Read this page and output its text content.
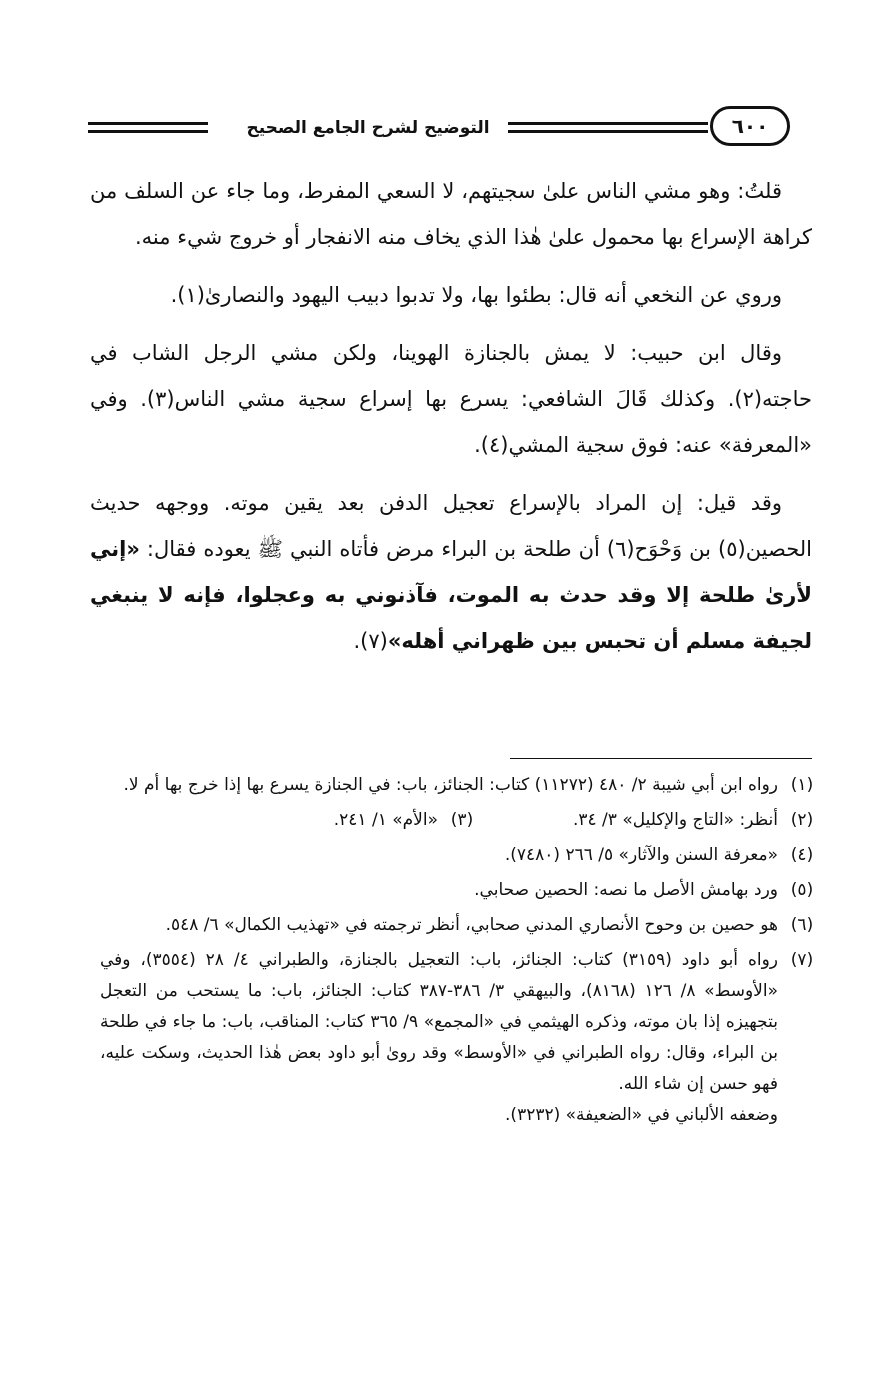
التوضيح لشرح الجامع الصحيح	٦٠٠

قلتُ: وهو مشي الناس علىٰ سجيتهم، لا السعي المفرط، وما جاء عن السلف من كراهة الإسراع بها محمول علىٰ هٰذا الذي يخاف منه الانفجار أو خروج شيء منه.

وروي عن النخعي أنه قال: بطئوا بها، ولا تدبوا دبيب اليهود والنصارىٰ(١).

وقال ابن حبيب: لا يمش بالجنازة الهوينا، ولكن مشي الرجل الشاب في حاجته(٢). وكذلك قَالَ الشافعي: يسرع بها إسراع سجية مشي الناس(٣). وفي «المعرفة» عنه: فوق سجية المشي(٤).

وقد قيل: إن المراد بالإسراع تعجيل الدفن بعد يقين موته. ووجهه حديث الحصين(٥) بن وَحْوَح(٦) أن طلحة بن البراء مرض فأتاه النبي ﷺ يعوده فقال: «إني لأرىٰ طلحة إلا وقد حدث به الموت، فآذنوني به وعجلوا، فإنه لا ينبغي لجيفة مسلم أن تحبس بين ظهراني أهله»(٧).

(١)
رواه ابن أبي شيبة ٢/ ٤٨٠ (١١٢٧٢) كتاب: الجنائز، باب: في الجنازة يسرع بها إذا خرج بها أم لا.
(٢)
أنظر: «التاج والإكليل» ٣/ ٣٤.
(٣)
«الأم» ١/ ٢٤١.
(٤)
«معرفة السنن والآثار» ٥/ ٢٦٦ (٧٤٨٠).
(٥)
ورد بهامش الأصل ما نصه: الحصين صحابي.
(٦)
هو حصين بن وحوح الأنصاري المدني صحابي، أنظر ترجمته في «تهذيب الكمال» ٦/ ٥٤٨.
(٧)
رواه أبو داود (٣١٥٩) كتاب: الجنائز، باب: التعجيل بالجنازة، والطبراني ٤/ ٢٨ (٣٥٥٤)، وفي «الأوسط» ٨/ ١٢٦ (٨١٦٨)، والبيهقي ٣/ ٣٨٦-٣٨٧ كتاب: الجنائز، باب: ما يستحب من التعجل بتجهيزه إذا بان موته، وذكره الهيثمي في «المجمع» ٩/ ٣٦٥ كتاب: المناقب، باب: ما جاء في طلحة بن البراء، وقال: رواه الطبراني في «الأوسط» وقد روىٰ أبو داود بعض هٰذا الحديث، وسكت عليه، فهو حسن إن شاء الله.
وضعفه الألباني في «الضعيفة» (٣٢٣٢).
